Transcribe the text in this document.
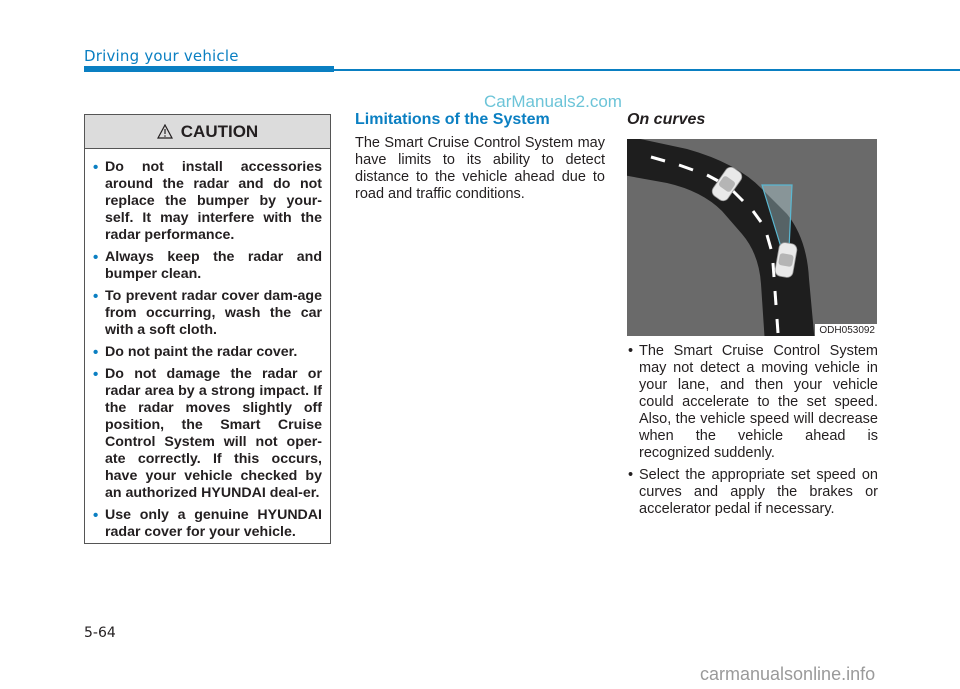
Driving your vehicle
CarManuals2.com
CAUTION
• Do not install accessories around the radar and do not replace the bumper by your-self. It may interfere with the radar performance.
• Always keep the radar and bumper clean.
• To prevent radar cover dam-age from occurring, wash the car with a soft cloth.
• Do not paint the radar cover.
• Do not damage the radar or radar area by a strong impact. If the radar moves slightly off position, the Smart Cruise Control System will not oper-ate correctly. If this occurs, have your vehicle checked by an authorized HYUNDAI deal-er.
• Use only a genuine HYUNDAI radar cover for your vehicle.
Limitations of the System

The Smart Cruise Control System may have limits to its ability to detect distance to the vehicle ahead due to road and traffic conditions.

On curves
ODH053092
• The Smart Cruise Control System may not detect a moving vehicle in your lane, and then your vehicle could accelerate to the set speed. Also, the vehicle speed will decrease when the vehicle ahead is recognized suddenly.
• Select the appropriate set speed on curves and apply the brakes or accelerator pedal if necessary.
5-64
carmanualsonline.info
